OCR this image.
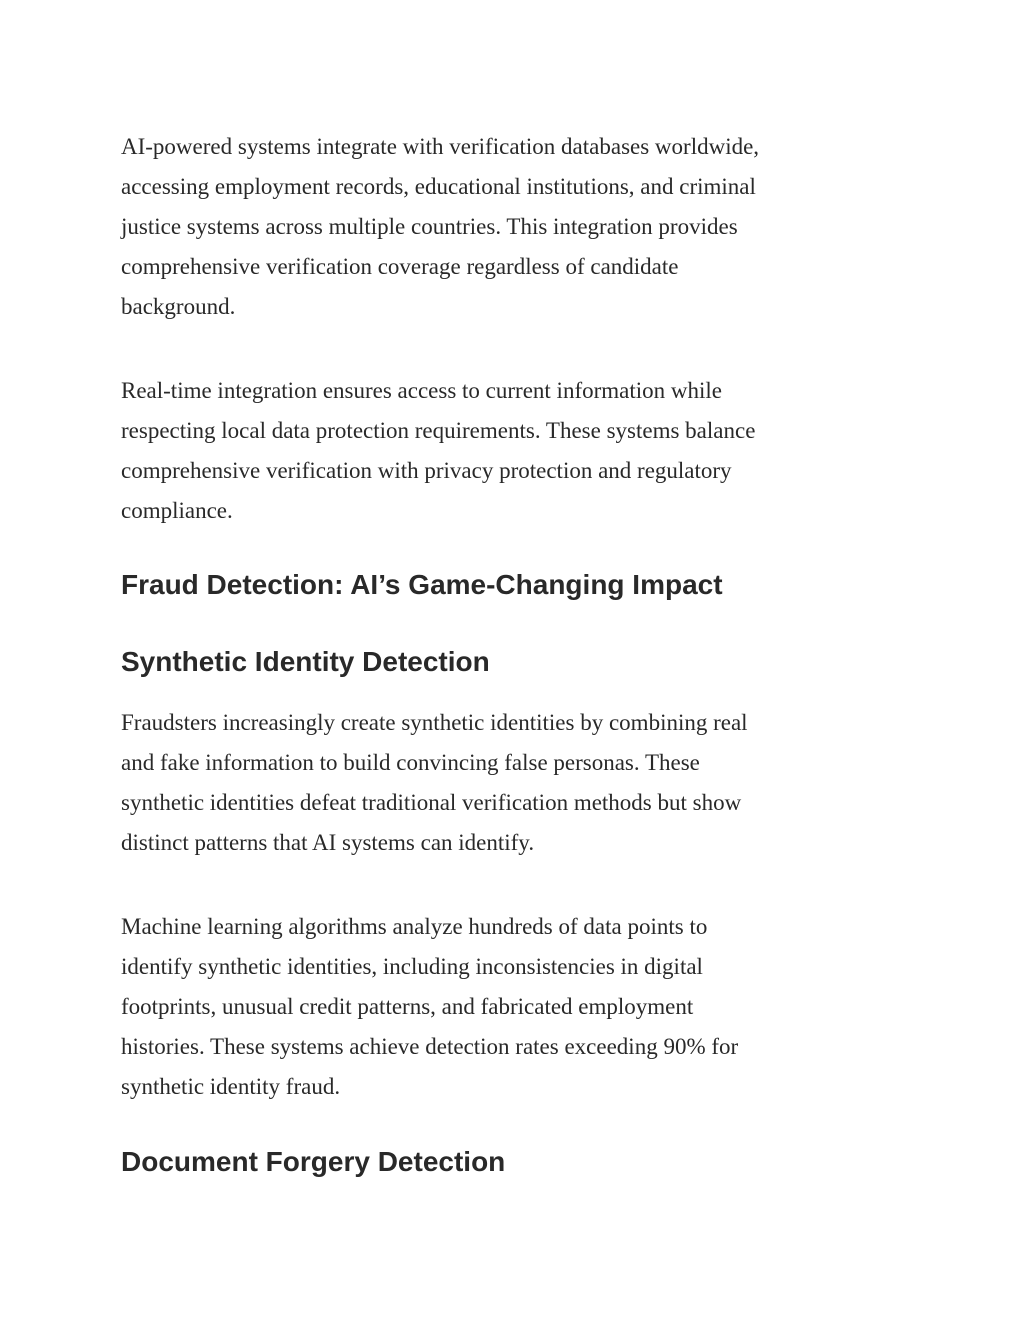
AI-powered systems integrate with verification databases worldwide,
accessing employment records, educational institutions, and criminal
justice systems across multiple countries. This integration provides
comprehensive verification coverage regardless of candidate
background.
Real-time integration ensures access to current information while
respecting local data protection requirements. These systems balance
comprehensive verification with privacy protection and regulatory
compliance.
Fraud Detection: AI’s Game-Changing Impact
Synthetic Identity Detection
Fraudsters increasingly create synthetic identities by combining real
and fake information to build convincing false personas. These
synthetic identities defeat traditional verification methods but show
distinct patterns that AI systems can identify.
Machine learning algorithms analyze hundreds of data points to
identify synthetic identities, including inconsistencies in digital
footprints, unusual credit patterns, and fabricated employment
histories. These systems achieve detection rates exceeding 90% for
synthetic identity fraud.
Document Forgery Detection
